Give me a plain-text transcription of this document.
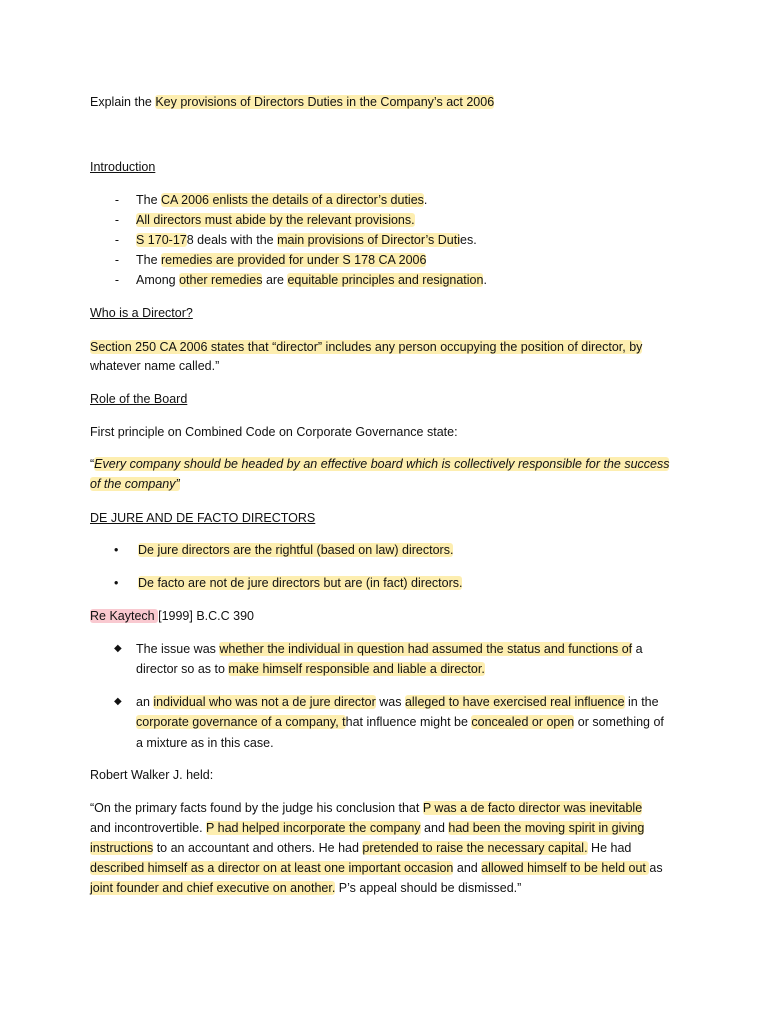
Explain the Key provisions of Directors Duties in the Company’s act 2006
Introduction
-	The CA 2006 enlists the details of a director’s duties.
-	All directors must abide by the relevant provisions.
-	S 170-178 deals with the main provisions of Director’s Duties.
-	The remedies are provided for under S 178 CA 2006
-	Among other remedies are equitable principles and resignation.
Who is a Director?
Section 250 CA 2006 states that “director” includes any person occupying the position of director, by
whatever name called.”
Role of the Board
First principle on Combined Code on Corporate Governance state:
“Every company should be headed by an effective board which is collectively responsible for the success
of the company”
DE JURE AND DE FACTO DIRECTORS
• De jure directors are the rightful (based on law) directors.
• De facto are not de jure directors but are (in fact) directors.
Re Kaytech [1999] B.C.C 390
◆ The issue was whether the individual in question had assumed the status and functions of a
director so as to make himself responsible and liable a director.
◆ an individual who was not a de jure director was alleged to have exercised real influence in the
corporate governance of a company, that influence might be concealed or open or something of
a mixture as in this case.
Robert Walker J. held:
“On the primary facts found by the judge his conclusion that P was a de facto director was inevitable
and incontrovertible. P had helped incorporate the company and had been the moving spirit in giving
instructions to an accountant and others. He had pretended to raise the necessary capital. He had
described himself as a director on at least one important occasion and allowed himself to be held out as
joint founder and chief executive on another. P’s appeal should be dismissed.”
